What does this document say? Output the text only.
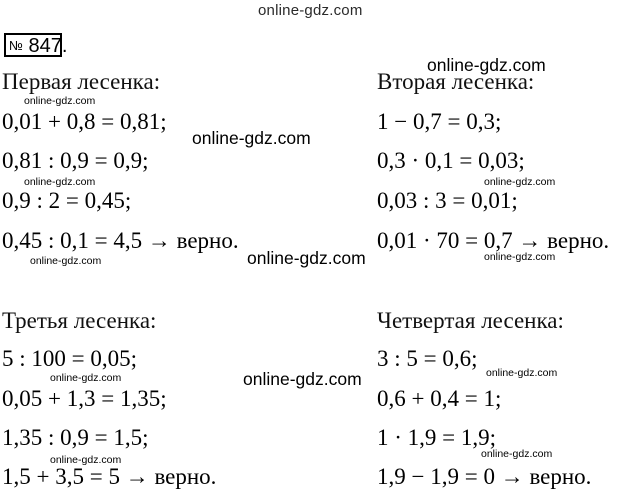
online-gdz.com
online-gdz.com
online-gdz.com
online-gdz.com
online-gdz.com	online-gdz.com
online-gdz.com
online-gdz.com	online-gdz.com
online-gdz.com	online-gdz.com	online-gdz.com
online-gdz.com	online-gdz.com
№ 847.
Первая лесенка:
0,01 + 0,8 = 0,81;
0,81 : 0,9 = 0,9;
0,9 : 2 = 0,45;
0,45 : 0,1 = 4,5 → верно.
Вторая лесенка:
1 − 0,7 = 0,3;
0,3 · 0,1 = 0,03;
0,03 : 3 = 0,01;
0,01 · 70 = 0,7 → верно.
Третья лесенка:
5 : 100 = 0,05;
0,05 + 1,3 = 1,35;
1,35 : 0,9 = 1,5;
1,5 + 3,5 = 5 → верно.
Четвертая лесенка:
3 : 5 = 0,6;
0,6 + 0,4 = 1;
1 · 1,9 = 1,9;
1,9 − 1,9 = 0 → верно.
